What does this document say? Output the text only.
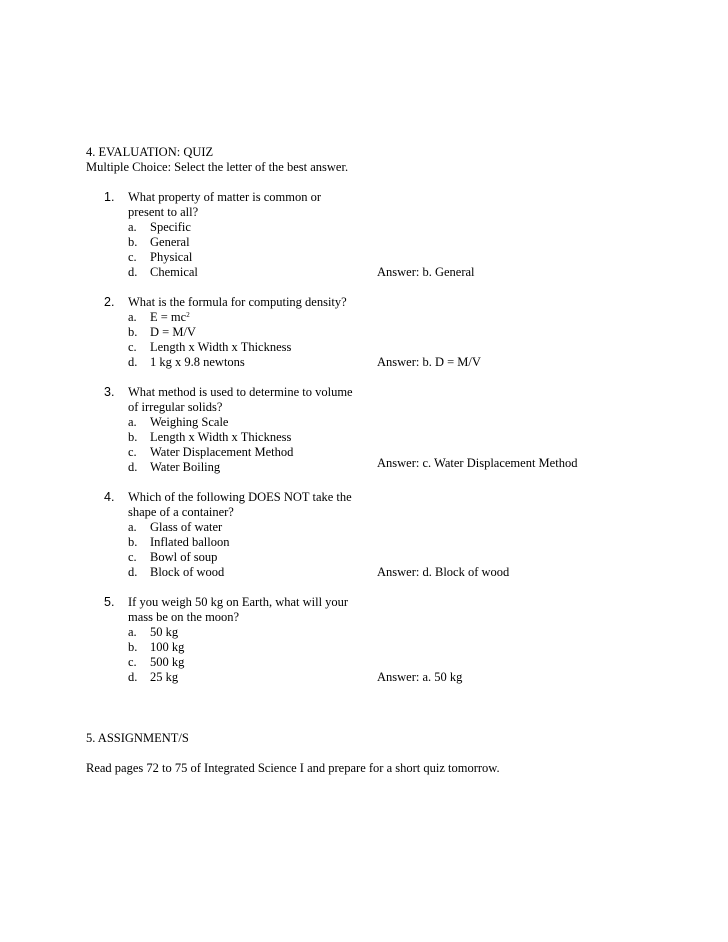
4. EVALUATION: QUIZ

Multiple Choice: Select the letter of the best answer.

1. What property of matter is common or
present to all?
a.	Specific
b.	General
c.	Physical
d.	Chemical	Answer: b. General
2. What is the formula for computing density?
a.	$E = mc^2$
b.	D = M/V
c.	Length x Width x Thickness
d.	1 kg x 9.8 newtons	Answer: b. D = M/V
3. What method is used to determine to volume
of irregular solids?
a.	Weighing Scale
b.	Length x Width x Thickness
c.	Water Displacement Method
d.	Water Boiling	Answer: c. Water Displacement Method
4. Which of the following DOES NOT take the
shape of a container?
a.	Glass of water
b.	Inflated balloon
c.	Bowl of soup
d.	Block of wood	Answer: d. Block of wood
5. If you weigh 50 kg on Earth, what will your
mass be on the moon?
a.	50 kg
b.	100 kg
c.	500 kg
d.	25 kg	Answer: a. 50 kg

5. ASSIGNMENT/S

Read pages 72 to 75 of Integrated Science I and prepare for a short quiz tomorrow.
